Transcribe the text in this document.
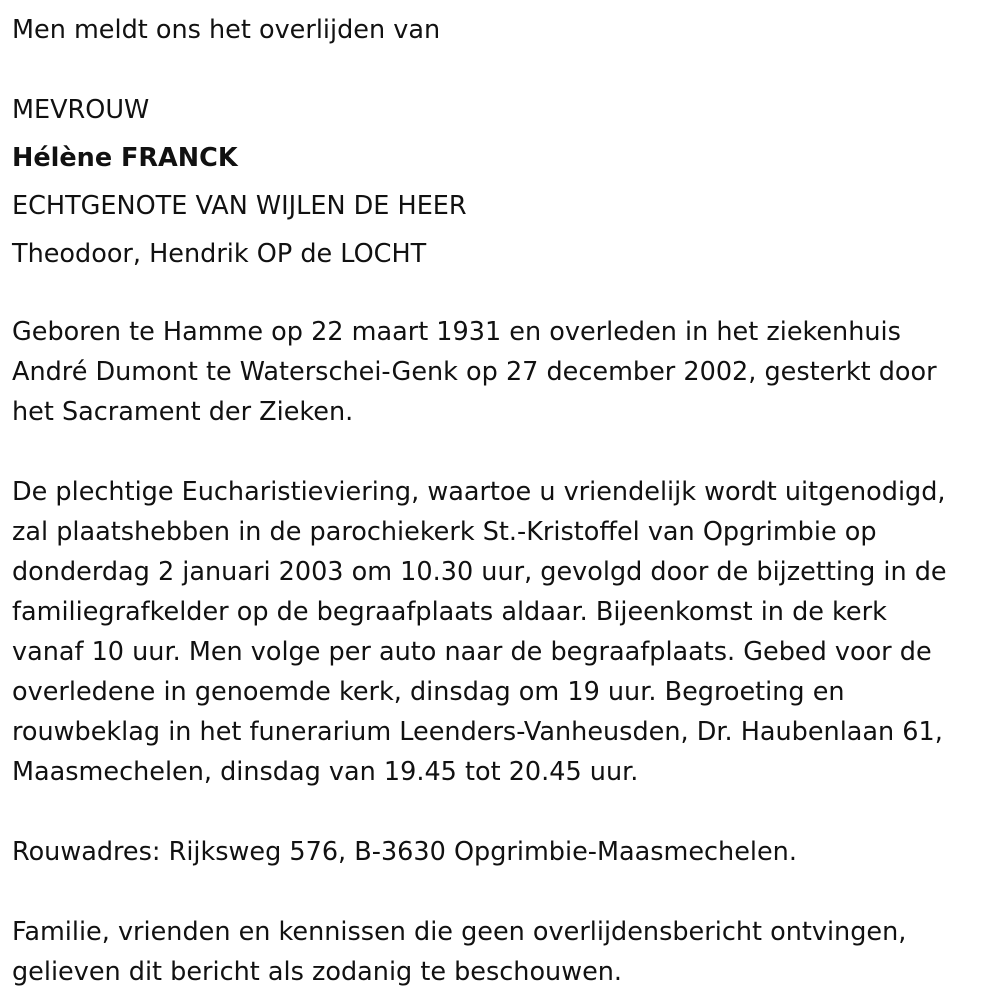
Men meldt ons het overlijden van
MEVROUW
Hélène FRANCK
ECHTGENOTE VAN WIJLEN DE HEER
Theodoor, Hendrik OP de LOCHT
Geboren te Hamme op 22 maart 1931 en overleden in het ziekenhuis
André Dumont te Waterschei-Genk op 27 december 2002, gesterkt door
het Sacrament der Zieken.
De plechtige Eucharistieviering, waartoe u vriendelijk wordt uitgenodigd,
zal plaatshebben in de parochiekerk St.-Kristoffel van Opgrimbie op
donderdag 2 januari 2003 om 10.30 uur, gevolgd door de bijzetting in de
familiegrafkelder op de begraafplaats aldaar. Bijeenkomst in de kerk
vanaf 10 uur. Men volge per auto naar de begraafplaats. Gebed voor de
overledene in genoemde kerk, dinsdag om 19 uur. Begroeting en
rouwbeklag in het funerarium Leenders-Vanheusden, Dr. Haubenlaan 61,
Maasmechelen, dinsdag van 19.45 tot 20.45 uur.
Rouwadres: Rijksweg 576, B-3630 Opgrimbie-Maasmechelen.
Familie, vrienden en kennissen die geen overlijdensbericht ontvingen,
gelieven dit bericht als zodanig te beschouwen.
